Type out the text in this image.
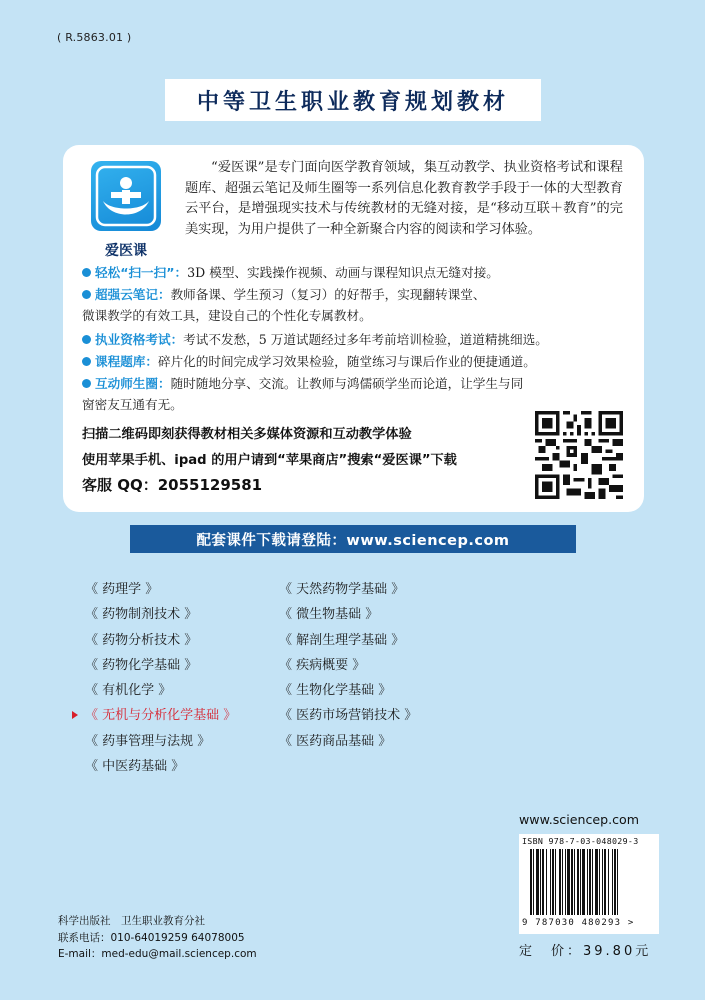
( R.5863.01 )
中等卫生职业教育规划教材
爱医课
“爱医课”是专门面向医学教育领域，集互动教学、执业资格考试和课程题库、超强云笔记及师生圈等一系列信息化教育教学手段于一体的大型教育云平台，是增强现实技术与传统教材的无缝对接，是“移动互联＋教育”的完美实现，为用户提供了一种全新聚合内容的阅读和学习体验。
轻松“扫一扫”：3D 模型、实践操作视频、动画与课程知识点无缝对接。
超强云笔记：教师备课、学生预习（复习）的好帮手，实现翻转课堂、
微课教学的有效工具，建设自己的个性化专属教材。
执业资格考试：考试不发愁，5 万道试题经过多年考前培训检验，道道精挑细选。
课程题库：碎片化的时间完成学习效果检验，随堂练习与课后作业的便捷通道。
互动师生圈：随时随地分享、交流。让教师与鸿儒硕学坐而论道，让学生与同
窗密友互通有无。
扫描二维码即刻获得教材相关多媒体资源和互动教学体验
使用苹果手机、ipad 的用户请到“苹果商店”搜索“爱医课”下载
客服 QQ：2055129581
配套课件下载请登陆：www.sciencep.com
《 药理学 》
《 药物制剂技术 》
《 药物分析技术 》
《 药物化学基础 》
《 有机化学 》
《 无机与分析化学基础 》
《 药事管理与法规 》
《 中医药基础 》
《 天然药物学基础 》
《 微生物基础 》
《 解剖生理学基础 》
《 疾病概要 》
《 生物化学基础 》
《 医药市场营销技术 》
《 医药商品基础 》
www.sciencep.com
ISBN 978-7-03-048029-3
9 787030 480293 >
科学出版社　卫生职业教育分社
联系电话：010-64019259 64078005
E-mail：med-edu@mail.sciencep.com	定　价：39.80元
